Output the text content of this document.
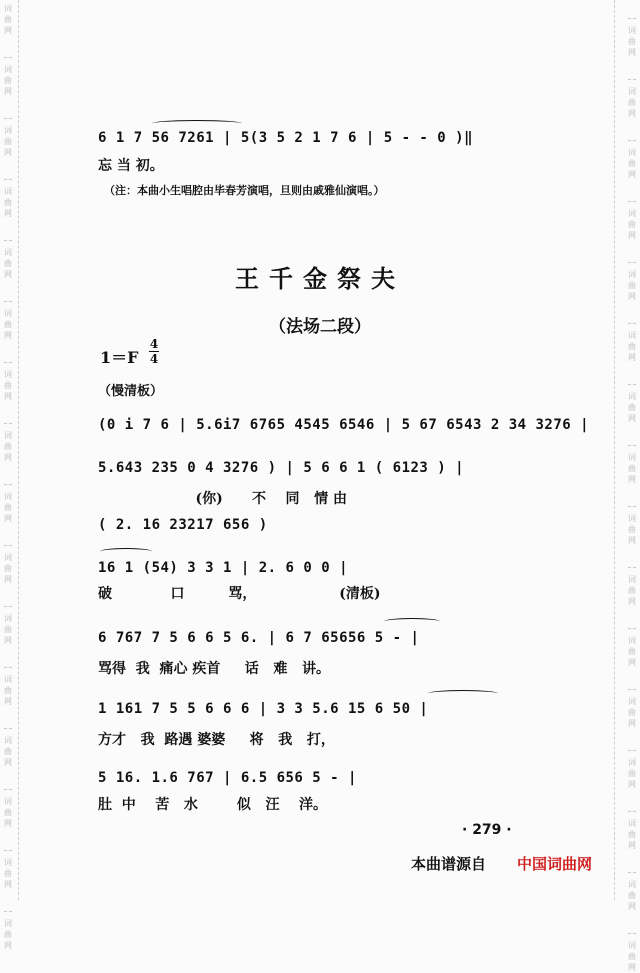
词
曲
网
词
曲
网
词
曲
网
词
曲
网
词
曲
网
词
曲
网
词
曲
网
词
曲
网
词
曲
网
词
曲
网
词
曲
网
词
曲
网
词
曲
网
词
曲
网
词
曲
网
词
曲
网
词
曲
网
词
曲
网
词
曲
网
词
曲
网
词
曲
网
词
曲
网
词
曲
网
词
曲
网
词
曲
网
词
曲
网
词
曲
网
词
曲
网
词
曲
网
词
曲
网
词
曲
网
词
曲
网
6 1 7 56 7261 | 5(3 5 2 1 7 6 | 5 - - 0 )‖
忘 当 初。
（注：本曲小生唱腔由毕春芳演唱，旦则由戚雅仙演唱。）
王千金祭夫
（法场二段）
1＝F
4
4
（慢清板）
(0 i 7 6 | 5.6i7 6765 4545 6546 | 5 67 6543 2 34 3276 |
5.643 235 0 4 3276 ) | 5 6 6 1 ( 6123 ) |
(你)      不    同   情 由
( 2. 16 23217 656 )
16 1 (54) 3 3 1 | 2. 6 0 0 |
破            口         骂，                 (清板)
6 767 7 5 6 6 5 6. | 6 7 65656 5 - |
骂得  我  痛心 疾首     话   难   讲。
1 161 7 5 5 6 6 6 | 3 3 5.6 15 6 50 |
方才   我  路遇 婆婆     将   我   打，
5 16. 1.6 767 | 6.5 656 5 - |
肚  中    苦   水        似   汪    洋。
· 279 ·
本曲谱源自 中国词曲网
